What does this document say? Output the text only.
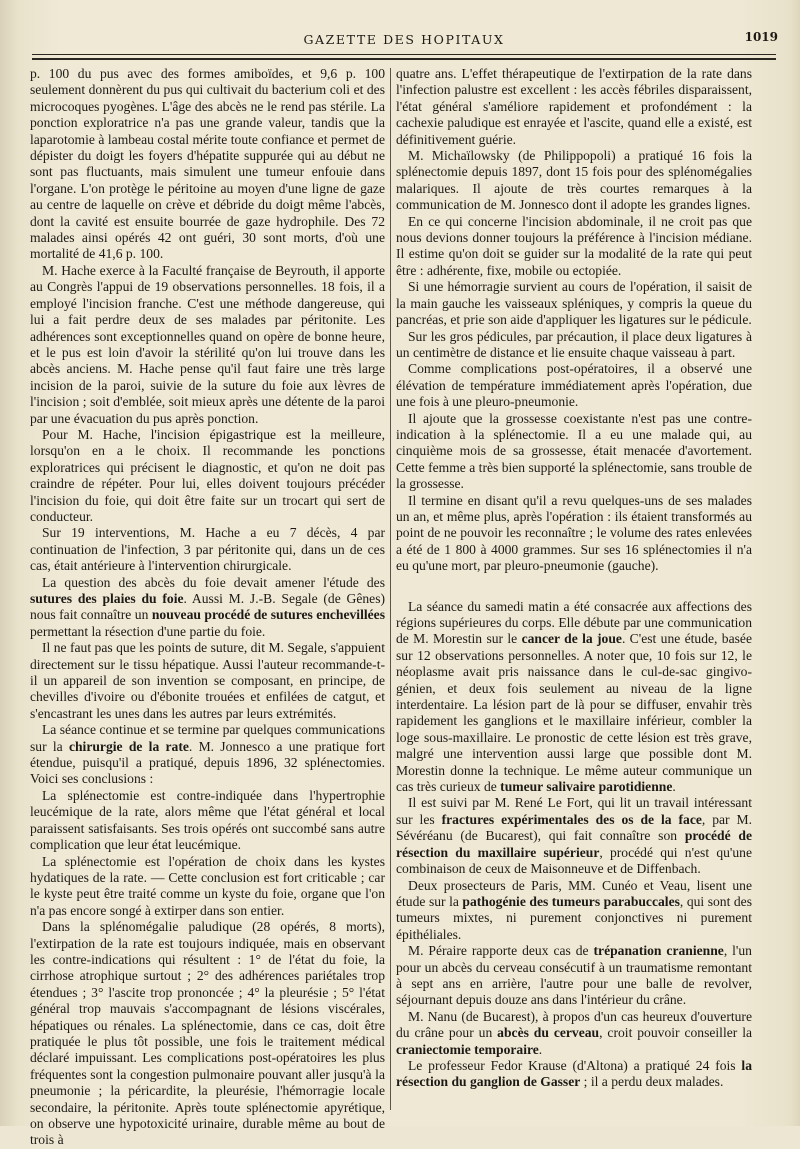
GAZETTE DES HOPITAUX	1019

p. 100 du pus avec des formes amiboïdes, et 9,6 p. 100 seulement donnèrent du pus qui cultivait du bacterium coli et des microcoques pyogènes. L'âge des abcès ne le rend pas stérile. La ponction exploratrice n'a pas une grande valeur, tandis que la laparotomie à lambeau costal mérite toute confiance et permet de dépister du doigt les foyers d'hépatite suppurée qui au début ne sont pas fluctuants, mais simulent une tumeur enfouie dans l'organe. L'on protège le péritoine au moyen d'une ligne de gaze au centre de laquelle on crève et débride du doigt même l'abcès, dont la cavité est ensuite bourrée de gaze hydrophile. Des 72 malades ainsi opérés 42 ont guéri, 30 sont morts, d'où une mortalité de 41,6 p. 100.

M. Hache exerce à la Faculté française de Beyrouth, il apporte au Congrès l'appui de 19 observations personnelles. 18 fois, il a employé l'incision franche. C'est une méthode dangereuse, qui lui a fait perdre deux de ses malades par péritonite. Les adhérences sont exceptionnelles quand on opère de bonne heure, et le pus est loin d'avoir la stérilité qu'on lui trouve dans les abcès anciens. M. Hache pense qu'il faut faire une très large incision de la paroi, suivie de la suture du foie aux lèvres de l'incision ; soit d'emblée, soit mieux après une détente de la paroi par une évacuation du pus après ponction.

Pour M. Hache, l'incision épigastrique est la meilleure, lorsqu'on en a le choix. Il recommande les ponctions exploratrices qui précisent le diagnostic, et qu'on ne doit pas craindre de répéter. Pour lui, elles doivent toujours précéder l'incision du foie, qui doit être faite sur un trocart qui sert de conducteur.

Sur 19 interventions, M. Hache a eu 7 décès, 4 par continuation de l'infection, 3 par péritonite qui, dans un de ces cas, était antérieure à l'intervention chirurgicale.

La question des abcès du foie devait amener l'étude des sutures des plaies du foie. Aussi M. J.-B. Segale (de Gênes) nous fait connaître un nouveau procédé de sutures enchevillées permettant la résection d'une partie du foie.

Il ne faut pas que les points de suture, dit M. Segale, s'appuient directement sur le tissu hépatique. Aussi l'auteur recommande-t-il un appareil de son invention se composant, en principe, de chevilles d'ivoire ou d'ébonite trouées et enfilées de catgut, et s'encastrant les unes dans les autres par leurs extrémités.

La séance continue et se termine par quelques communications sur la chirurgie de la rate. M. Jonnesco a une pratique fort étendue, puisqu'il a pratiqué, depuis 1896, 32 splénectomies. Voici ses conclusions :

La splénectomie est contre-indiquée dans l'hypertrophie leucémique de la rate, alors même que l'état général et local paraissent satisfaisants. Ses trois opérés ont succombé sans autre complication que leur état leucémique.

La splénectomie est l'opération de choix dans les kystes hydatiques de la rate. — Cette conclusion est fort criticable ; car le kyste peut être traité comme un kyste du foie, organe que l'on n'a pas encore songé à extirper dans son entier.

Dans la splénomégalie paludique (28 opérés, 8 morts), l'extirpation de la rate est toujours indiquée, mais en observant les contre-indications qui résultent : 1° de l'état du foie, la cirrhose atrophique surtout ; 2° des adhérences pariétales trop étendues ; 3° l'ascite trop prononcée ; 4° la pleurésie ; 5° l'état général trop mauvais s'accompagnant de lésions viscérales, hépatiques ou rénales. La splénectomie, dans ce cas, doit être pratiquée le plus tôt possible, une fois le traitement médical déclaré impuissant. Les complications post-opératoires les plus fréquentes sont la congestion pulmonaire pouvant aller jusqu'à la pneumonie ; la péricardite, la pleurésie, l'hémorragie locale secondaire, la péritonite. Après toute splénectomie apyrétique, on observe une hypotoxicité urinaire, durable même au bout de trois à

quatre ans. L'effet thérapeutique de l'extirpation de la rate dans l'infection palustre est excellent : les accès fébriles disparaissent, l'état général s'améliore rapidement et profondément : la cachexie paludique est enrayée et l'ascite, quand elle a existé, est définitivement guérie.

M. Michaïlowsky (de Philippopoli) a pratiqué 16 fois la splénectomie depuis 1897, dont 15 fois pour des splénomégalies malariques. Il ajoute de très courtes remarques à la communication de M. Jonnesco dont il adopte les grandes lignes.

En ce qui concerne l'incision abdominale, il ne croit pas que nous devions donner toujours la préférence à l'incision médiane. Il estime qu'on doit se guider sur la modalité de la rate qui peut être : adhérente, fixe, mobile ou ectopiée.

Si une hémorragie survient au cours de l'opération, il saisit de la main gauche les vaisseaux spléniques, y compris la queue du pancréas, et prie son aide d'appliquer les ligatures sur le pédicule.

Sur les gros pédicules, par précaution, il place deux ligatures à un centimètre de distance et lie ensuite chaque vaisseau à part.

Comme complications post-opératoires, il a observé une élévation de température immédiatement après l'opération, due une fois à une pleuro-pneumonie.

Il ajoute que la grossesse coexistante n'est pas une contre-indication à la splénectomie. Il a eu une malade qui, au cinquième mois de sa grossesse, était menacée d'avortement. Cette femme a très bien supporté la splénectomie, sans trouble de la grossesse.

Il termine en disant qu'il a revu quelques-uns de ses malades un an, et même plus, après l'opération : ils étaient transformés au point de ne pouvoir les reconnaître ; le volume des rates enlevées a été de 1 800 à 4000 grammes. Sur ses 16 splénectomies il n'a eu qu'une mort, par pleuro-pneumonie (gauche).

La séance du samedi matin a été consacrée aux affections des régions supérieures du corps. Elle débute par une communication de M. Morestin sur le cancer de la joue. C'est une étude, basée sur 12 observations personnelles. A noter que, 10 fois sur 12, le néoplasme avait pris naissance dans le cul-de-sac gingivo-génien, et deux fois seulement au niveau de la ligne interdentaire. La lésion part de là pour se diffuser, envahir très rapidement les ganglions et le maxillaire inférieur, combler la loge sous-maxillaire. Le pronostic de cette lésion est très grave, malgré une intervention aussi large que possible dont M. Morestin donne la technique. Le même auteur communique un cas très curieux de tumeur salivaire parotidienne.

Il est suivi par M. René Le Fort, qui lit un travail intéressant sur les fractures expérimentales des os de la face, par M. Sévéréanu (de Bucarest), qui fait connaître son procédé de résection du maxillaire supérieur, procédé qui n'est qu'une combinaison de ceux de Maisonneuve et de Diffenbach.

Deux prosecteurs de Paris, MM. Cunéo et Veau, lisent une étude sur la pathogénie des tumeurs parabuccales, qui sont des tumeurs mixtes, ni purement conjonctives ni purement épithéliales.

M. Péraire rapporte deux cas de trépanation cranienne, l'un pour un abcès du cerveau consécutif à un traumatisme remontant à sept ans en arrière, l'autre pour une balle de revolver, séjournant depuis douze ans dans l'intérieur du crâne.

M. Nanu (de Bucarest), à propos d'un cas heureux d'ouverture du crâne pour un abcès du cerveau, croit pouvoir conseiller la craniectomie temporaire.

Le professeur Fedor Krause (d'Altona) a pratiqué 24 fois la résection du ganglion de Gasser ; il a perdu deux malades.
